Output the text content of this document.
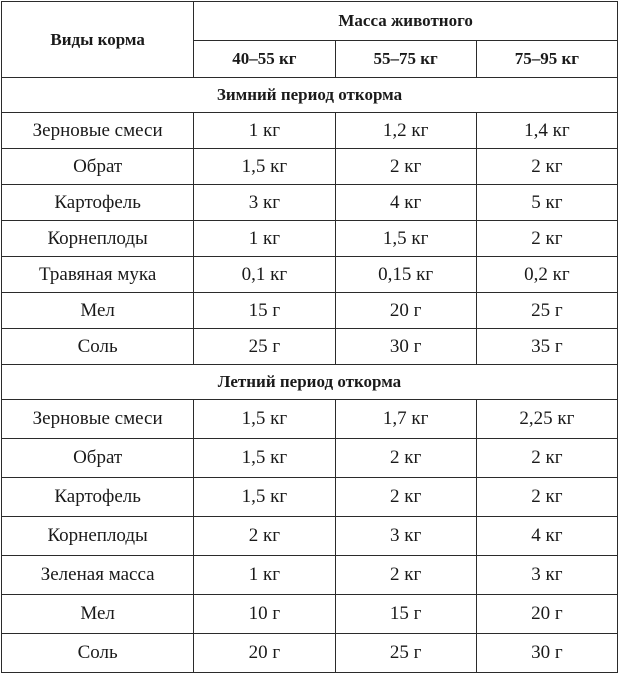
Виды корма	Масса животного		
	40–55 кг	55–75 кг	75–95 кг
Зимний период откорма			
Зерновые смеси	1 кг	1,2 кг	1,4 кг
Обрат	1,5 кг	2 кг	2 кг
Картофель	3 кг	4 кг	5 кг
Корнеплоды	1 кг	1,5 кг	2 кг
Травяная мука	0,1 кг	0,15 кг	0,2 кг
Мел	15 г	20 г	25 г
Соль	25 г	30 г	35 г
Летний период откорма			
Зерновые смеси	1,5 кг	1,7 кг	2,25 кг
Обрат	1,5 кг	2 кг	2 кг
Картофель	1,5 кг	2 кг	2 кг
Корнеплоды	2 кг	3 кг	4 кг
Зеленая масса	1 кг	2 кг	3 кг
Мел	10 г	15 г	20 г
Соль	20 г	25 г	30 г
